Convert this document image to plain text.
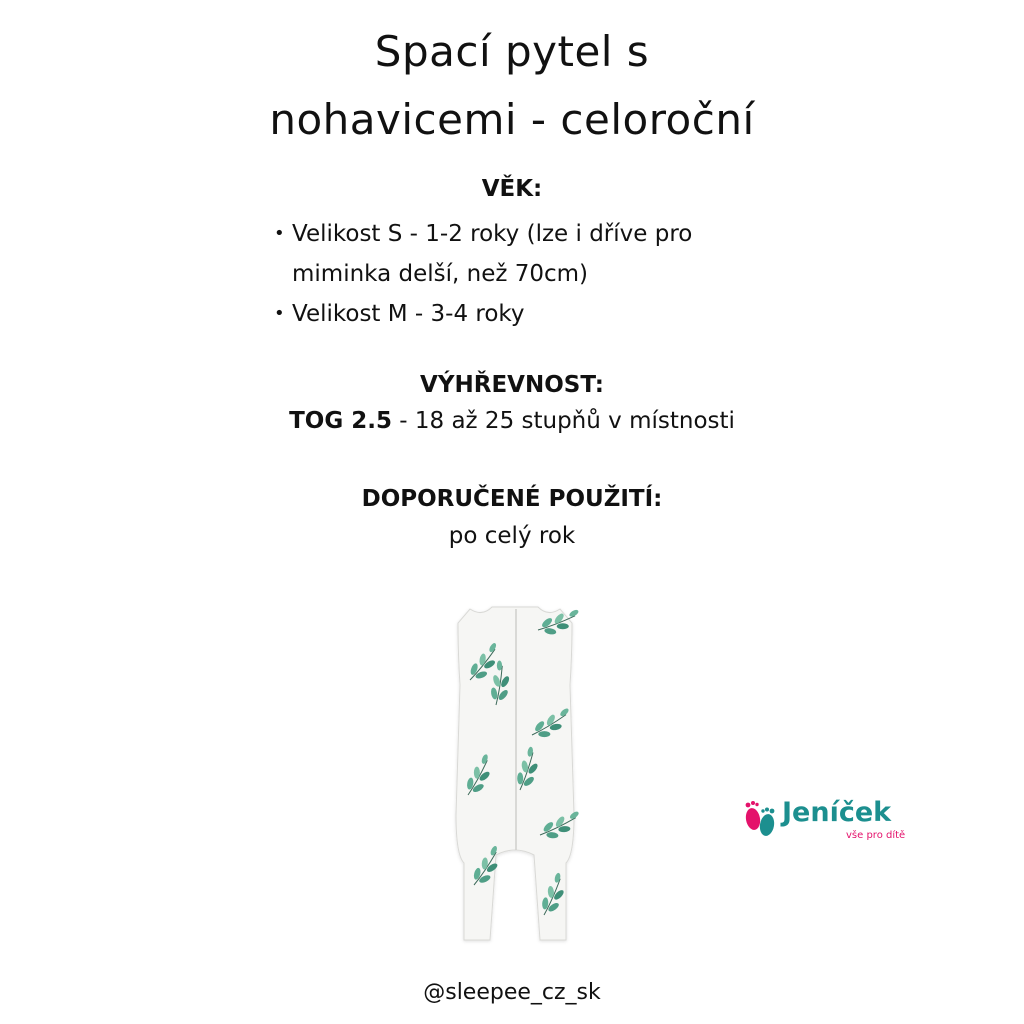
Spací pytel s
nohavicemi - celoroční
VĚK:
• Velikost S - 1-2 roky (lze i dříve pro miminka delší, než 70cm)
• Velikost M - 3-4 roky
VÝHŘEVNOST:

TOG 2.5 - 18 až 25 stupňů v místnosti

DOPORUČENÉ POUŽITÍ:

po celý rok

Jeníček
vše pro dítě
@sleepee_cz_sk
